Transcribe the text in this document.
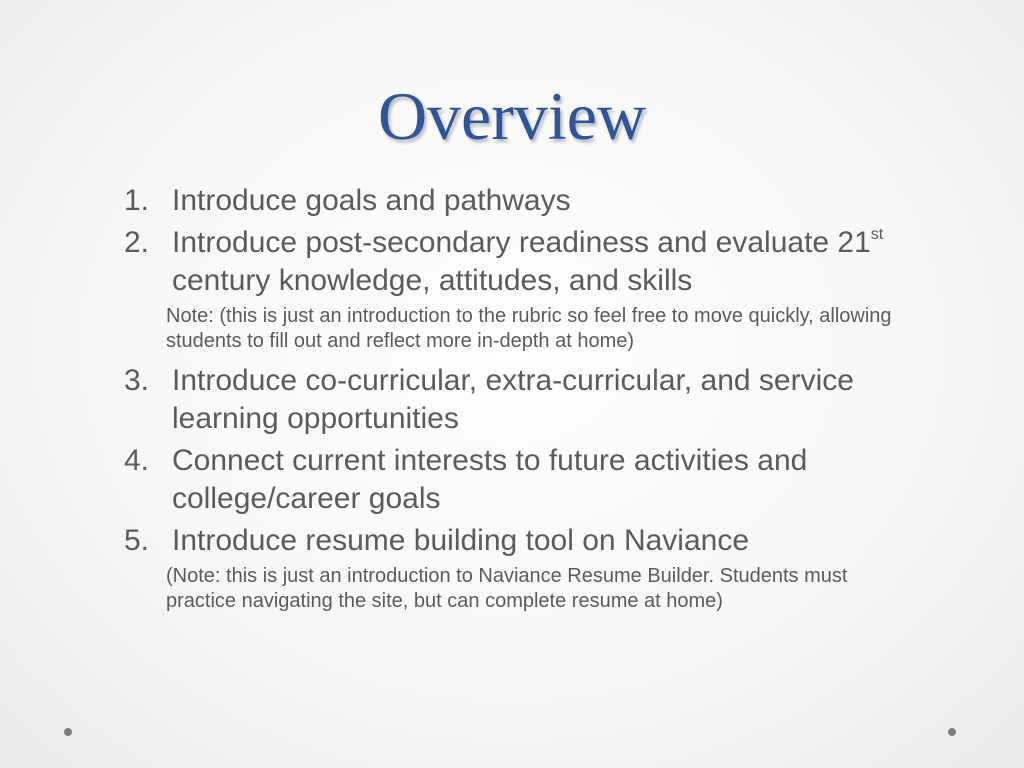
Overview
1. Introduce goals and pathways
2. Introduce post-secondary readiness and evaluate 21st century knowledge, attitudes, and skills
Note: (this is just an introduction to the rubric so feel free to move quickly, allowing students to fill out and reflect more in-depth at home)
3. Introduce co-curricular, extra-curricular, and service learning opportunities
4. Connect current interests to future activities and college/career goals
5. Introduce resume building tool on Naviance
(Note: this is just an introduction to Naviance Resume Builder. Students must practice navigating the site, but can complete resume at home)
